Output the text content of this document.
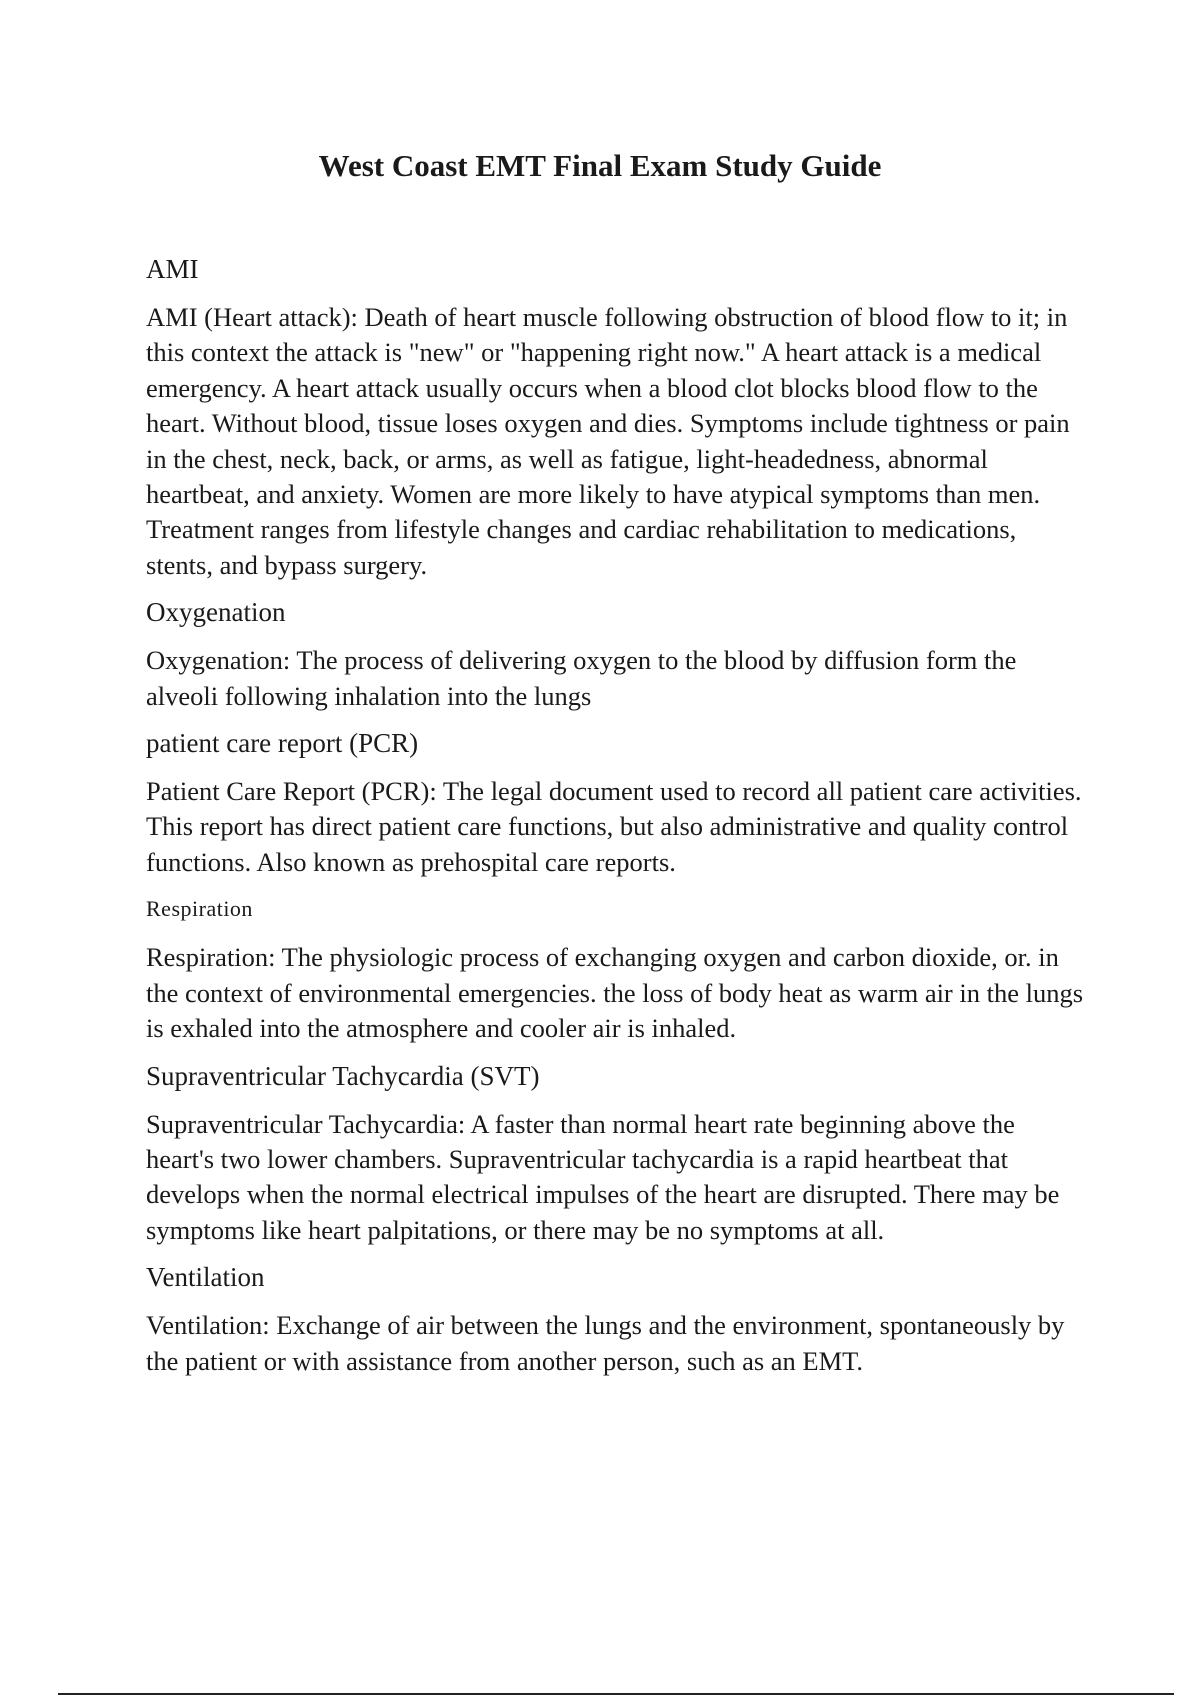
West Coast EMT Final Exam Study Guide

AMI

AMI (Heart attack): Death of heart muscle following obstruction of blood flow to it; in this context the attack is "new" or "happening right now." A heart attack is a medical emergency. A heart attack usually occurs when a blood clot blocks blood flow to the heart. Without blood, tissue loses oxygen and dies. Symptoms include tightness or pain in the chest, neck, back, or arms, as well as fatigue, light-headedness, abnormal heartbeat, and anxiety. Women are more likely to have atypical symptoms than men. Treatment ranges from lifestyle changes and cardiac rehabilitation to medications, stents, and bypass surgery.

Oxygenation

Oxygenation: The process of delivering oxygen to the blood by diffusion form the alveoli following inhalation into the lungs

patient care report (PCR)

Patient Care Report (PCR): The legal document used to record all patient care activities. This report has direct patient care functions, but also administrative and quality control functions. Also known as prehospital care reports.

Respiration

Respiration: The physiologic process of exchanging oxygen and carbon dioxide, or. in the context of environmental emergencies. the loss of body heat as warm air in the lungs is exhaled into the atmosphere and cooler air is inhaled.

Supraventricular Tachycardia (SVT)

Supraventricular Tachycardia: A faster than normal heart rate beginning above the heart's two lower chambers. Supraventricular tachycardia is a rapid heartbeat that develops when the normal electrical impulses of the heart are disrupted. There may be symptoms like heart palpitations, or there may be no symptoms at all.

Ventilation

Ventilation: Exchange of air between the lungs and the environment, spontaneously by the patient or with assistance from another person, such as an EMT.
